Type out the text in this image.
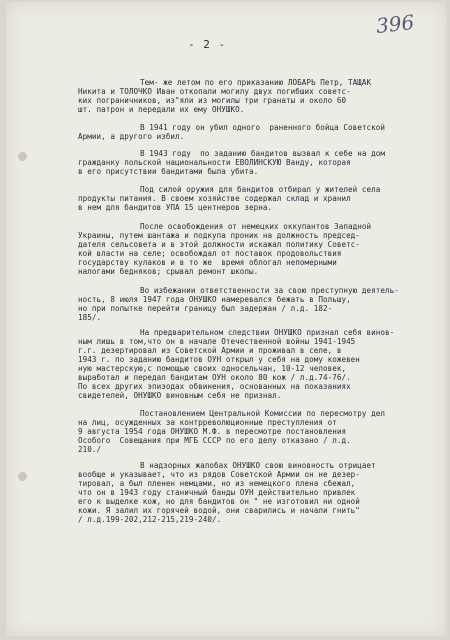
396
- 2 -
Тем- же летом по его приказанию ЛОБАРЬ Петр, ТАЩАК
Никита и ТОЛОЧКО Иван откопали могилу двух погибших советс-
ких пограничников, из"яли из могилы три гранаты и около 60
шт. патрон и передали их ему ОНУШКО.
В 1941 году он убил одного  раненного бойца Советской
Армии, а другого избил.
В 1943 году  по заданию бандитов вызвал к себе на дом
гражданку польской национальности ЕВОЛИНСКУЮ Ванду, которая
в его присутствии бандитами была убита.
Под силой оружия для бандитов отбирал у жителей села
продукты питания. В своем хозяйстве содержал склад и хранил
в нем для бандитов УПА 15 центнеров зерна.
После освобождения от немецких оккупантов Западной
Украины, путем шантажа и подкупа проник на должность председ-
дателя сельсовета и в этой должности искажал политику Советс-
кой власти на селе; освобождал от поставок продовольствия
государству кулаков и в то же  время облогал непомерными
налогами бедняков; срывал ремонт школы.
Во избежании ответственности за свою преступную деятель-
ность, 8 июля 1947 года ОНУШКО намеревался бежать в Польшу,
но при попытке перейти границу был задержан / л.д. 182-
185/.
На предварительном следствии ОНУШКО признал себя винов-
ным лишь в том,что он в начале Отечественной войны 1941-1945
г.г. дезертировал из Советской Армии и проживал в селе, в
1943 г. по заданию бандитов ОУН открыл у себя на дому кожевен
ную мастерскую,с помощью своих односельчан, 10-12 человек,
выработал и передал бандитам ОУН около 80 кож / л.д.74-76/.
По всех других эпизодах обвинения, основанных на показаниях
свидетелей, ОНУШКО виновным себя не признал.
Постановлением Центральной Комиссии по пересмотру дел
на лиц, осужденных за контрреволюционные преступления от
9 августа 1954 года ОНУШКО М.Ф. в пересмотре постановления
Особого  Совещания при МГБ СССР по его делу отказано / л.д.
210./
В надзорных жалобах ОНУШКО свою виновность отрицает
вообще и указывает, что из рядов Советской Армии он не дезер-
тировал, а был пленен немцами, но из немецкого плена сбежал,
что он в 1943 году станичный банды ОУН действительно привлек
его к выделке кож, но для бандитов он " не изготовил ни одной
кожи. Я залил их горячей водой, они сварились и начали гнить"
/ л.д.199-202,212-215,219-240/.
